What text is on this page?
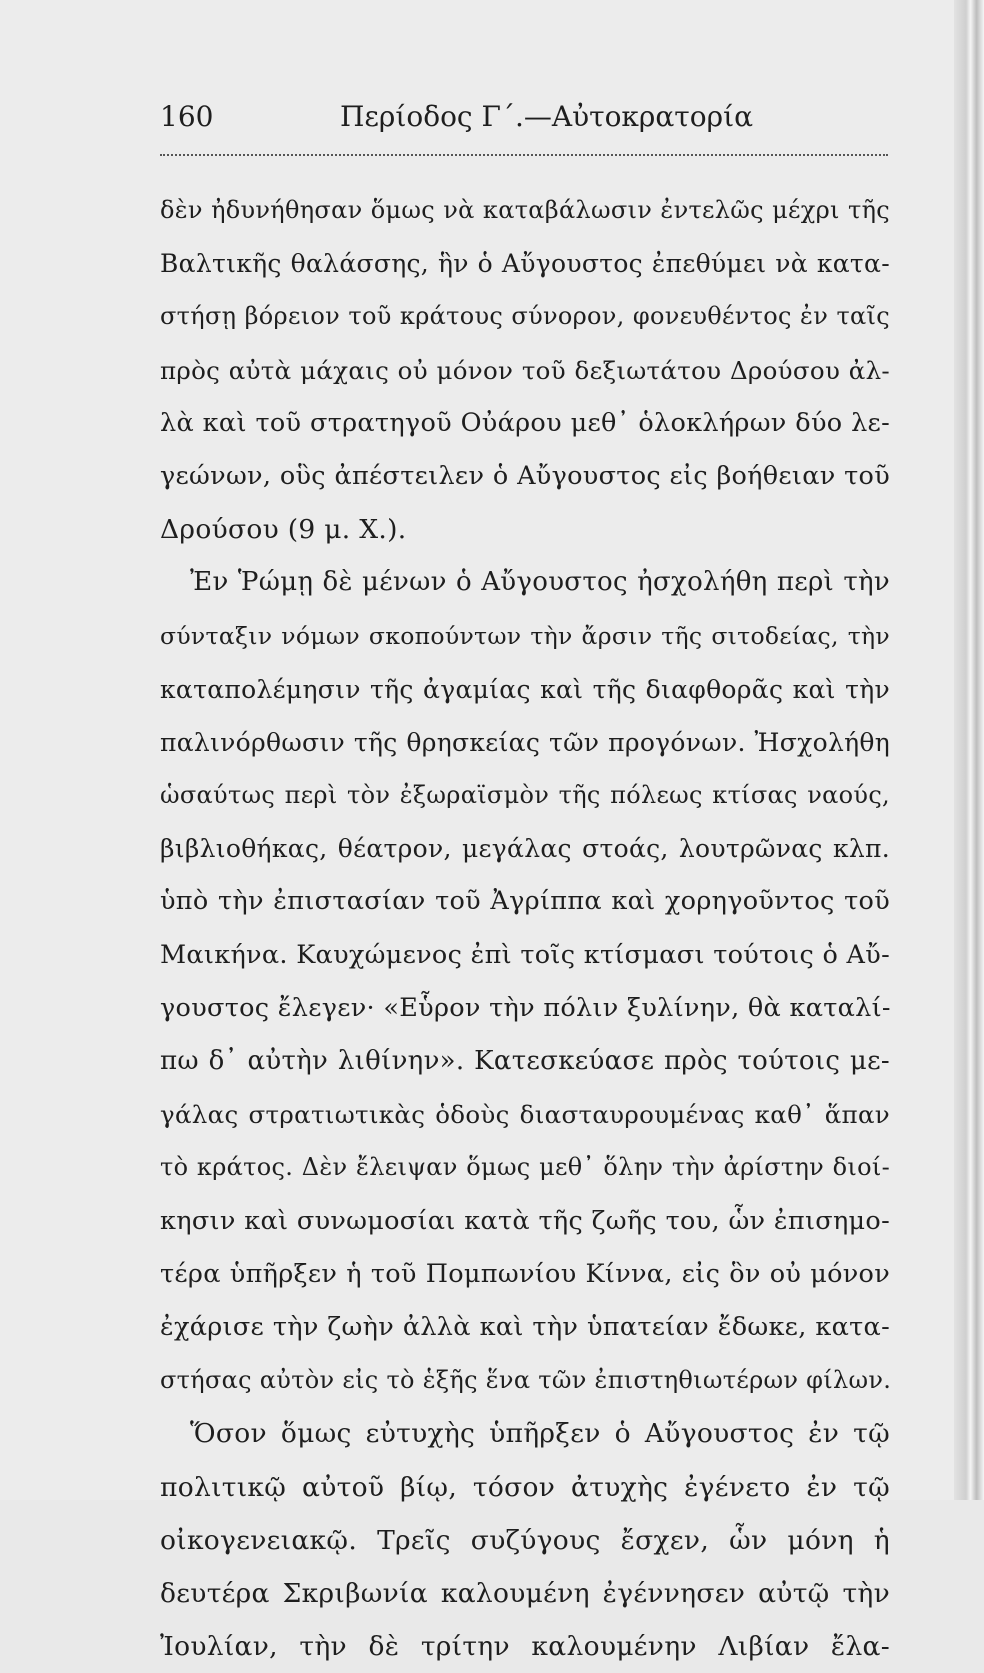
160	Περίοδος Γ΄.—Αὐτοκρατορία
δὲν ἠδυνήθησαν ὅμως νὰ καταβάλωσιν ἐντελῶς μέχρι τῆς
Βαλτικῆς θαλάσσης, ἣν ὁ Αὔγουστος ἐπεθύμει νὰ κατα-
στήσῃ βόρειον τοῦ κράτους σύνορον, φονευθέντος ἐν ταῖς
πρὸς αὐτὰ μάχαις οὐ μόνον τοῦ δεξιωτάτου Δρούσου ἀλ-
λὰ καὶ τοῦ στρατηγοῦ Οὐάρου μεθ᾽ ὁλοκλήρων δύο λε-
γεώνων, οὓς ἀπέστειλεν ὁ Αὔγουστος εἰς βοήθειαν τοῦ
Δρούσου (9 μ. Χ.).
Ἐν Ῥώμῃ δὲ μένων ὁ Αὔγουστος ἠσχολήθη περὶ τὴν
σύνταξιν νόμων σκοπούντων τὴν ἄρσιν τῆς σιτοδείας, τὴν
καταπολέμησιν τῆς ἀγαμίας καὶ τῆς διαφθορᾶς καὶ τὴν
παλινόρθωσιν τῆς θρησκείας τῶν προγόνων. Ἠσχολήθη
ὡσαύτως περὶ τὸν ἐξωραϊσμὸν τῆς πόλεως κτίσας ναούς,
βιβλιοθήκας, θέατρον, μεγάλας στοάς, λουτρῶνας κλπ.
ὑπὸ τὴν ἐπιστασίαν τοῦ Ἀγρίππα καὶ χορηγοῦντος τοῦ
Μαικήνα. Καυχώμενος ἐπὶ τοῖς κτίσμασι τούτοις ὁ Αὔ-
γουστος ἔλεγεν· «Εὗρον τὴν πόλιν ξυλίνην, θὰ καταλί-
πω δ᾽ αὐτὴν λιθίνην». Κατεσκεύασε πρὸς τούτοις με-
γάλας στρατιωτικὰς ὁδοὺς διασταυρουμένας καθ᾽ ἅπαν
τὸ κράτος. Δὲν ἔλειψαν ὅμως μεθ᾽ ὅλην τὴν ἀρίστην διοί-
κησιν καὶ συνωμοσίαι κατὰ τῆς ζωῆς του, ὧν ἐπισημο-
τέρα ὑπῆρξεν ἡ τοῦ Πομπωνίου Κίννα, εἰς ὃν οὐ μόνον
ἐχάρισε τὴν ζωὴν ἀλλὰ καὶ τὴν ὑπατείαν ἔδωκε, κατα-
στήσας αὐτὸν εἰς τὸ ἑξῆς ἕνα τῶν ἐπιστηθιωτέρων φίλων.
Ὅσον ὅμως εὐτυχὴς ὑπῆρξεν ὁ Αὔγουστος ἐν τῷ
πολιτικῷ αὐτοῦ βίῳ, τόσον ἀτυχὴς ἐγένετο ἐν τῷ
οἰκογενειακῷ. Τρεῖς συζύγους ἔσχεν, ὧν μόνη ἡ
δευτέρα Σκριβωνία καλουμένη ἐγέννησεν αὐτῷ τὴν
Ἰουλίαν, τὴν δὲ τρίτην καλουμένην Λιβίαν ἔλα-
